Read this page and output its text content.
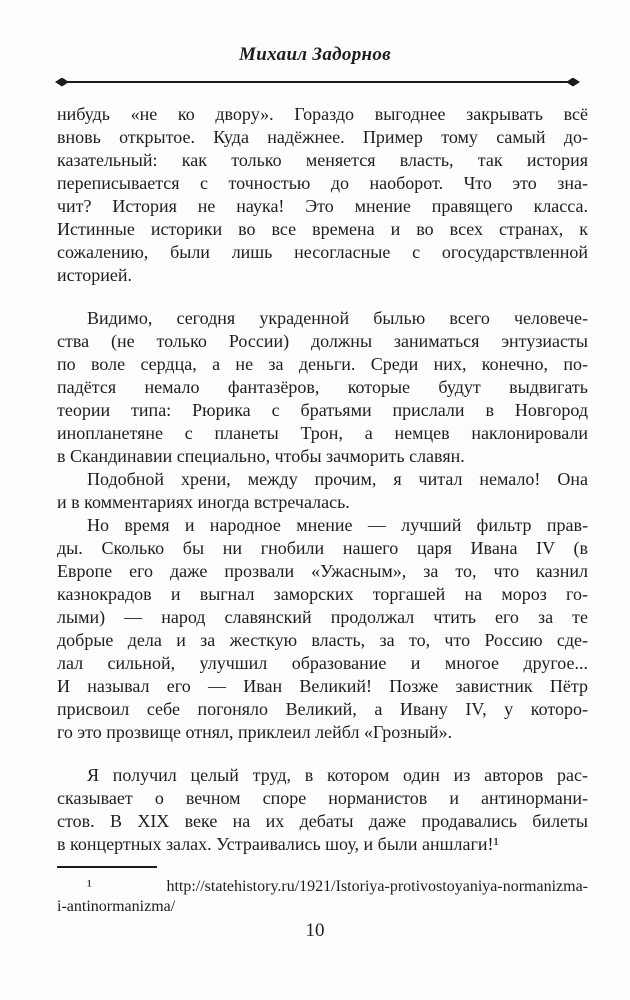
Михаил Задорнов
нибудь «не ко двору». Гораздо выгоднее закрывать всё
вновь открытое. Куда надёжнее. Пример тому самый до-
казательный: как только меняется власть, так история
переписывается с точностью до наоборот. Что это зна-
чит? История не наука! Это мнение правящего класса.
Истинные историки во все времена и во всех странах, к
сожалению, были лишь несогласные с огосударствленной
историей.
Видимо, сегодня украденной былью всего человече-
ства (не только России) должны заниматься энтузиасты
по воле сердца, а не за деньги. Среди них, конечно, по-
падётся немало фантазёров, которые будут выдвигать
теории типа: Рюрика с братьями прислали в Новгород
инопланетяне с планеты Трон, а немцев наклонировали
в Скандинавии специально, чтобы зачморить славян.
Подобной хрени, между прочим, я читал немало! Она
и в комментариях иногда встречалась.
Но время и народное мнение — лучший фильтр прав-
ды. Сколько бы ни гнобили нашего царя Ивана IV (в
Европе его даже прозвали «Ужасным», за то, что казнил
казнокрадов и выгнал заморских торгашей на мороз го-
лыми) — народ славянский продолжал чтить его за те
добрые дела и за жесткую власть, за то, что Россию сде-
лал сильной, улучшил образование и многое другое...
И называл его — Иван Великий! Позже завистник Пётр
присвоил себе погоняло Великий, а Ивану IV, у которо-
го это прозвище отнял, приклеил лейбл «Грозный».
Я получил целый труд, в котором один из авторов рас-
сказывает о вечном споре норманистов и антинормани-
стов. В XIX веке на их дебаты даже продавались билеты
в концертных залах. Устраивались шоу, и были аншлаги!¹
¹ http://statehistory.ru/1921/Istoriya-protivostoyaniya-normanizma-
i-antinormanizma/
10
